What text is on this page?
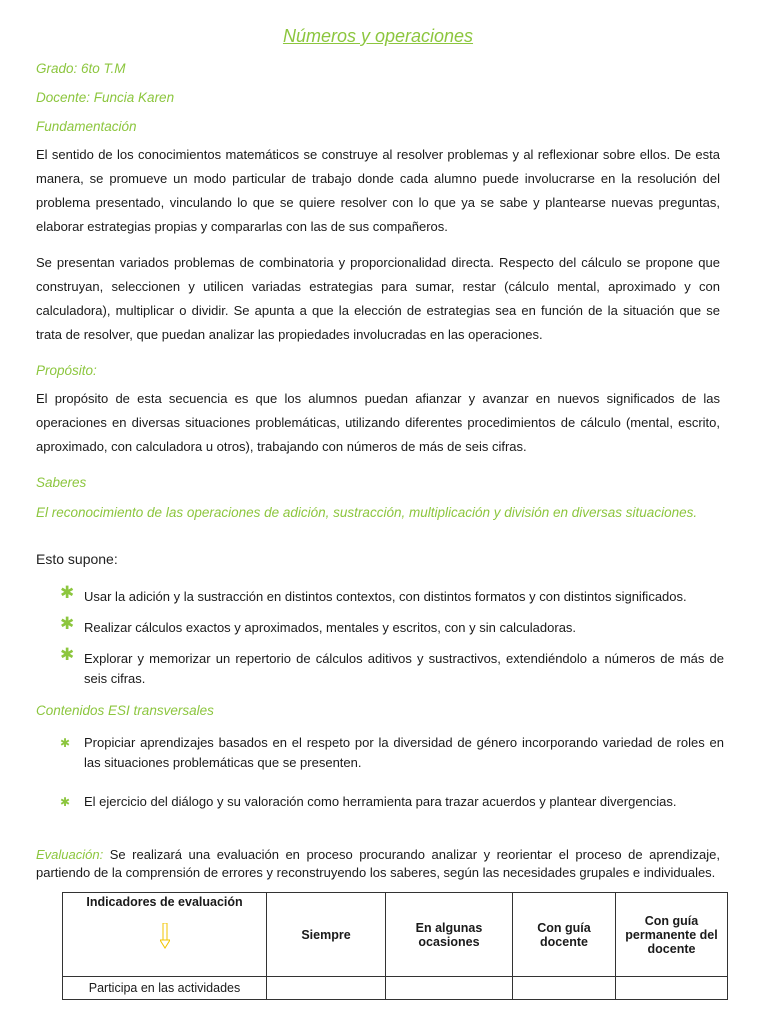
Números y operaciones
Grado: 6to T.M
Docente: Funcia Karen
Fundamentación
El sentido de los conocimientos matemáticos se construye al resolver problemas y al reflexionar sobre ellos. De esta manera, se promueve un modo particular de trabajo donde cada alumno puede involucrarse en la resolución del problema presentado, vinculando lo que se quiere resolver con lo que ya se sabe y plantearse nuevas preguntas, elaborar estrategias propias y compararlas con las de sus compañeros.
Se presentan variados problemas de combinatoria y proporcionalidad directa. Respecto del cálculo se propone que construyan, seleccionen y utilicen variadas estrategias para sumar, restar (cálculo mental, aproximado y con calculadora), multiplicar o dividir. Se apunta a que la elección de estrategias sea en función de la situación que se trata de resolver, que puedan analizar las propiedades involucradas en las operaciones.
Propósito:
El propósito de esta secuencia es que los alumnos puedan afianzar y avanzar en nuevos significados de las operaciones en diversas situaciones problemáticas, utilizando diferentes procedimientos de cálculo (mental, escrito, aproximado, con calculadora u otros), trabajando con números de más de seis cifras.
Saberes
El reconocimiento de las operaciones de adición, sustracción, multiplicación y división en diversas situaciones.
Esto supone:
✱ Usar la adición y la sustracción en distintos contextos, con distintos formatos y con distintos significados.
✱ Realizar cálculos exactos y aproximados, mentales y escritos, con y sin calculadoras.
✱ Explorar y memorizar un repertorio de cálculos aditivos y sustractivos, extendiéndolo a números de más de seis cifras.
Contenidos ESI transversales
✱ Propiciar aprendizajes basados en el respeto por la diversidad de género incorporando variedad de roles en las situaciones problemáticas que se presenten.
✱ El ejercicio del diálogo y su valoración como herramienta para trazar acuerdos y plantear divergencias.
Evaluación: Se realizará una evaluación en proceso procurando analizar y reorientar el proceso de aprendizaje, partiendo de la comprensión de errores y reconstruyendo los saberes, según las necesidades grupales e individuales.
Indicadores de evaluación	Siempre	En algunas ocasiones	Con guía docente	Con guía permanente del docente
Participa en las actividades				
